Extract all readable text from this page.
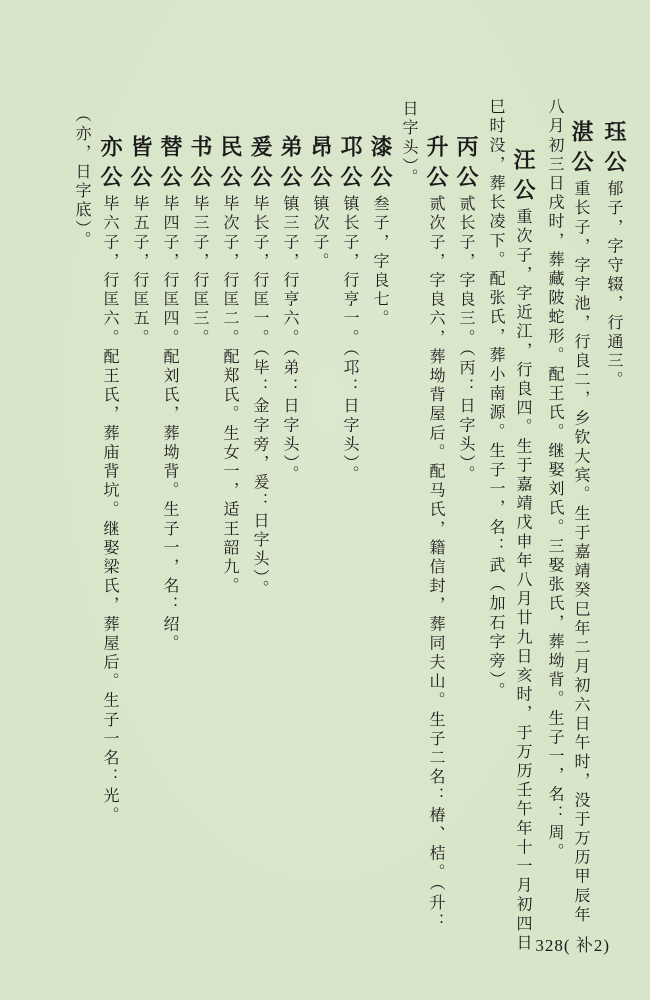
珏公郁子，字守辍，行通三。
湛公重长子，字宇池，行良二，乡钦大宾。生于嘉靖癸巳年二月初六日午时，没于万历甲辰年
八月初三日戌时，葬藏陂蛇形。配王氏。继娶刘氏。三娶张氏，葬坳背。生子一，名：周。
汪公重次子，字近江，行良四。生于嘉靖戊申年八月廿九日亥时，于万历壬午年十一月初四日
巳时没，葬长凌下。配张氏，葬小南源。生子一，名：武（加石字旁）。
丙公贰长子，字良三。（丙：日字头）。
升公贰次子，字良六，葬坳背屋后。配马氏，籍信封，葬同夫山。生子二名：椿、桔。（升：
日字头）。
漆公叁子，字良七。
邛公镇长子，行亨一。（邛：日字头）。
昂公镇次子。
弟公镇三子，行亨六。（弟：日字头）。
爰公毕长子，行匡一。（毕：金字旁，爰：日字头）。
民公毕次子，行匡二。配郑氏。生女一，适王韶九。
书公毕三子，行匡三。
替公毕四子，行匡四。配刘氏，葬坳背。生子一，名：绍。
皆公毕五子，行匡五。
亦公毕六子，行匡六。配王氏，葬庙背坑。继娶梁氏，葬屋后。生子一名：光。
（亦，日字底）。
328( 补2)
